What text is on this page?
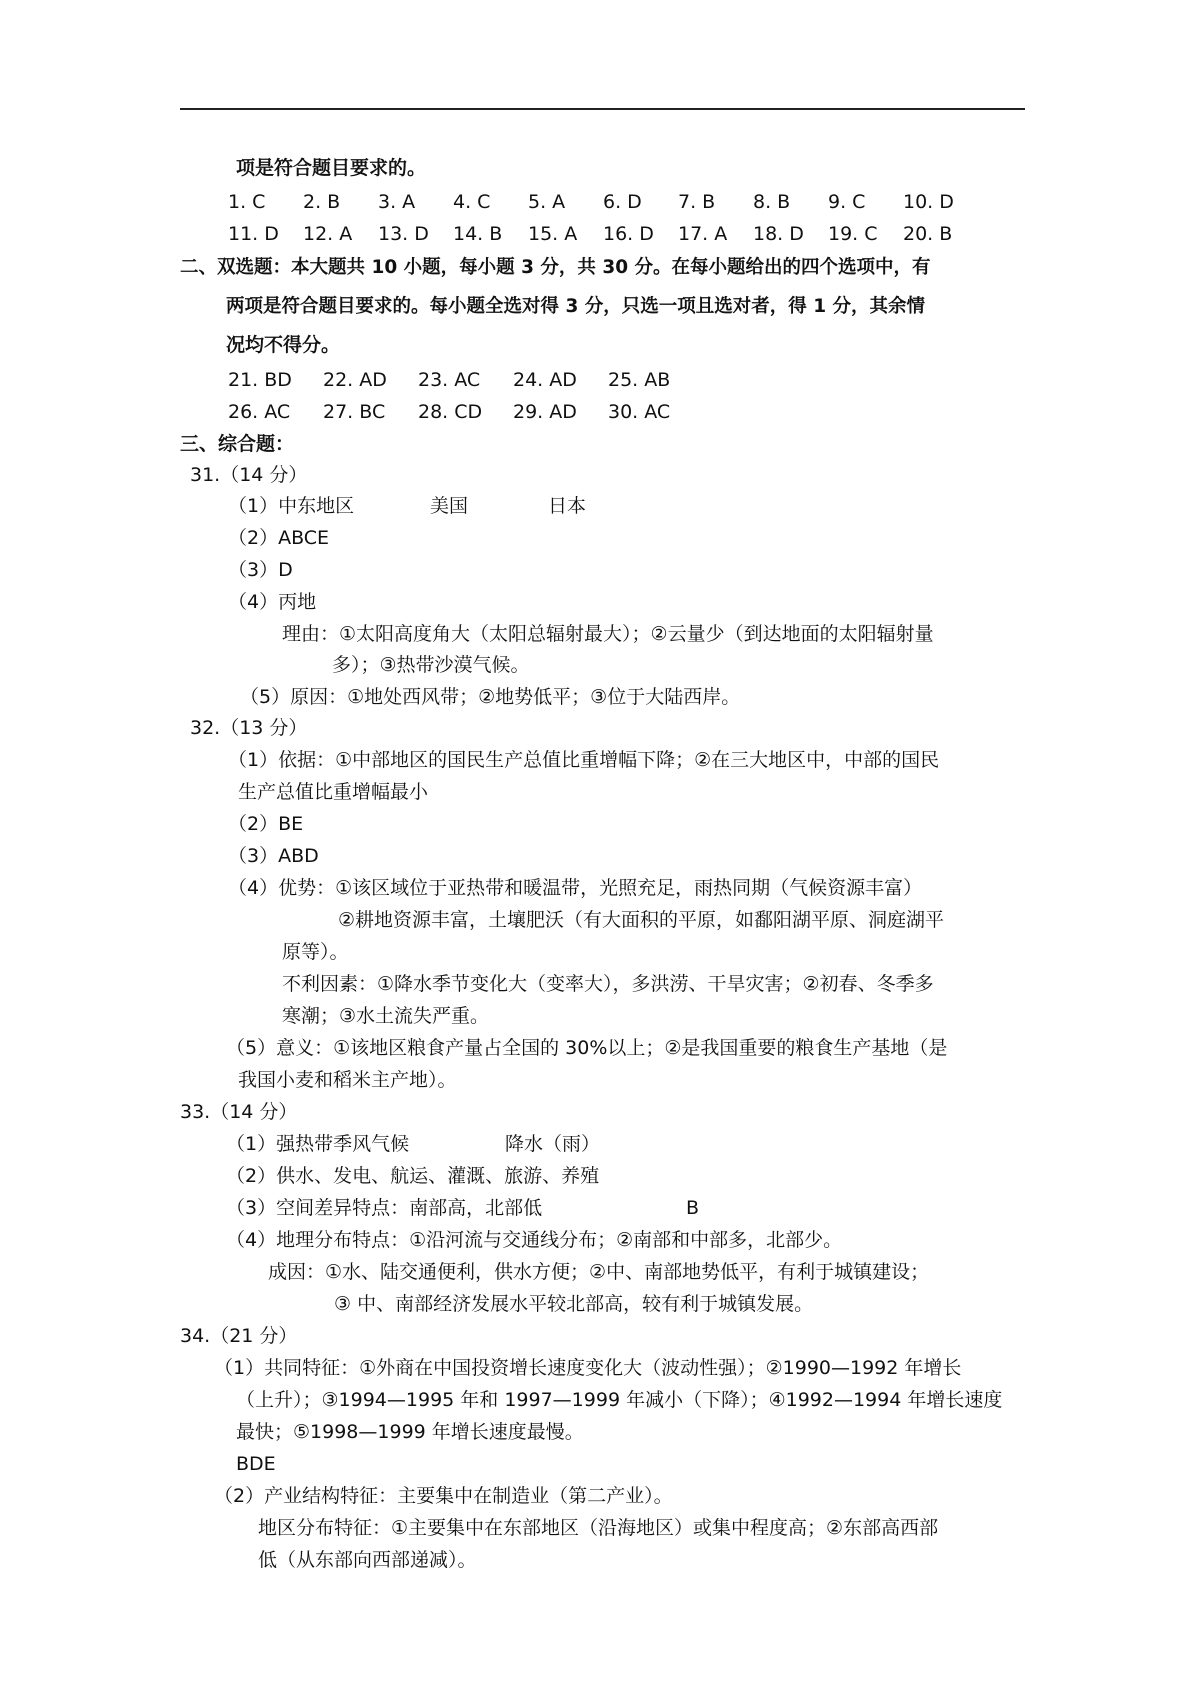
项是符合题目要求的。
1. C 2. B 3. A 4. C 5. A 6. D 7. B 8. B 9. C 10. D
11. D 12. A 13. D 14. B 15. A 16. D 17. A 18. D 19. C 20. B
二、双选题：本大题共 10 小题，每小题 3 分，共 30 分。在每小题给出的四个选项中，有
两项是符合题目要求的。每小题全选对得 3 分，只选一项且选对者，得 1 分，其余情
况均不得分。
21. BD 22. AD 23. AC 24. AD 25. AB
26. AC 27. BC 28. CD 29. AD 30. AC
三、综合题：
31.（14 分）
（1）中东地区	美国	日本
（2）ABCE
（3）D
（4）丙地
理由：①太阳高度角大（太阳总辐射最大）；②云量少（到达地面的太阳辐射量
多）；③热带沙漠气候。
（5）原因：①地处西风带；②地势低平；③位于大陆西岸。
32.（13 分）
（1）依据：①中部地区的国民生产总值比重增幅下降；②在三大地区中，中部的国民
生产总值比重增幅最小
（2）BE
（3）ABD
（4）优势：①该区域位于亚热带和暖温带，光照充足，雨热同期（气候资源丰富）
②耕地资源丰富，土壤肥沃（有大面积的平原，如鄱阳湖平原、洞庭湖平
原等）。
不利因素：①降水季节变化大（变率大），多洪涝、干旱灾害；②初春、冬季多
寒潮；③水土流失严重。
（5）意义：①该地区粮食产量占全国的 30%以上；②是我国重要的粮食生产基地（是
我国小麦和稻米主产地）。
33.（14 分）
（1）强热带季风气候	降水（雨）
（2）供水、发电、航运、灌溉、旅游、养殖
（3）空间差异特点：南部高，北部低	B
（4）地理分布特点：①沿河流与交通线分布；②南部和中部多，北部少。
成因：①水、陆交通便利，供水方便；②中、南部地势低平，有利于城镇建设；
③ 中、南部经济发展水平较北部高，较有利于城镇发展。
34.（21 分）
（1）共同特征：①外商在中国投资增长速度变化大（波动性强）；②1990—1992 年增长
（上升）；③1994—1995 年和 1997—1999 年减小（下降）；④1992—1994 年增长速度
最快；⑤1998—1999 年增长速度最慢。
BDE
（2）产业结构特征：主要集中在制造业（第二产业）。
地区分布特征：①主要集中在东部地区（沿海地区）或集中程度高；②东部高西部
低（从东部向西部递减）。
